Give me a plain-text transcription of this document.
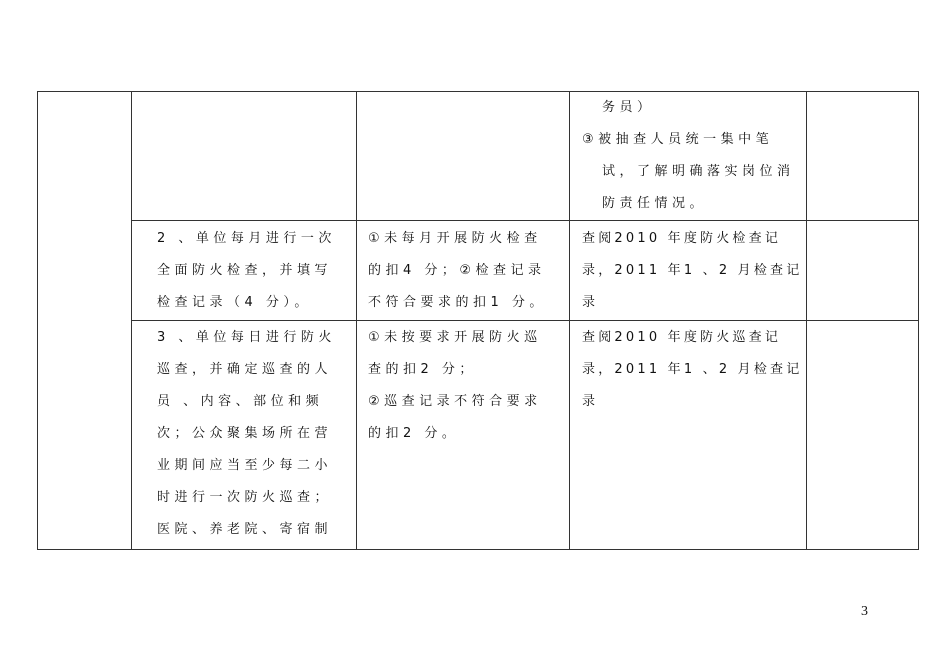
务员）

③被抽查人员统一集中笔

试，了解明确落实岗位消

防责任情况。

2 、单位每月进行一次

全面防火检查，并填写

检查记录（4 分）。

①未每月开展防火检查

的扣4 分；②检查记录

不符合要求的扣1 分。

查阅2010 年度防火检查记

录，2011 年1 、2 月检查记

录

3 、单位每日进行防火

巡查，并确定巡查的人

员 、内容、部位和频

次；公众聚集场所在营

业期间应当至少每二小

时进行一次防火巡查；

医院、养老院、寄宿制

①未按要求开展防火巡

查的扣2 分；

②巡查记录不符合要求

的扣2 分。

查阅2010 年度防火巡查记

录，2011 年1 、2 月检查记

录

3
